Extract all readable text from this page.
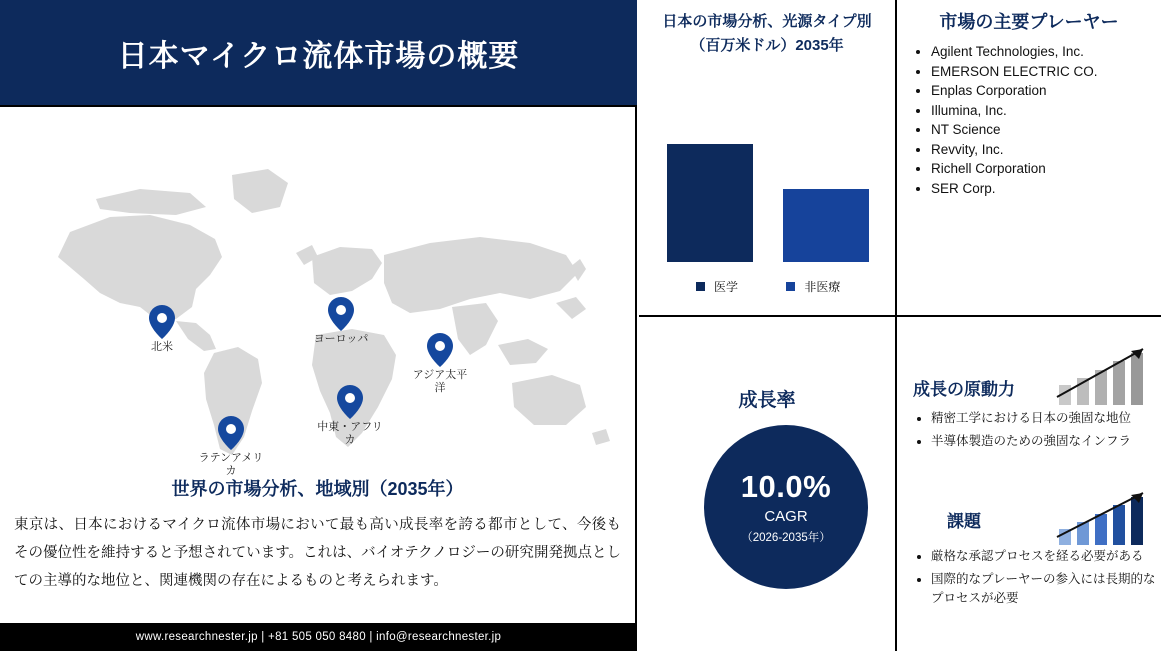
日本マイクロ流体市場の概要
北米
ヨーロッパ
アジア太平洋
中東・アフリカ
ラテンアメリカ
世界の市場分析、地域別（2035年）
東京は、日本におけるマイクロ流体市場において最も高い成長率を誇る都市として、今後もその優位性を維持すると予想されています。これは、バイオテクノロジーの研究開発拠点としての主導的な地位と、関連機関の存在によるものと考えられます。
www.researchnester.jp | +81 505 050 8480 | info@researchnester.jp
日本の市場分析、光源タイプ別（百万米ドル）2035年
医学	非医療
市場の主要プレーヤー
• Agilent Technologies, Inc.
• EMERSON ELECTRIC CO.
• Enplas Corporation
• Illumina, Inc.
• NT Science
• Revvity, Inc.
• Richell Corporation
• SER Corp.
成長率
10.0%
CAGR
（2026-2035年）
成長の原動力
• 精密工学における日本の強固な地位
• 半導体製造のための強固なインフラ
課題
• 厳格な承認プロセスを経る必要がある
• 国際的なプレーヤーの参入には長期的なプロセスが必要
